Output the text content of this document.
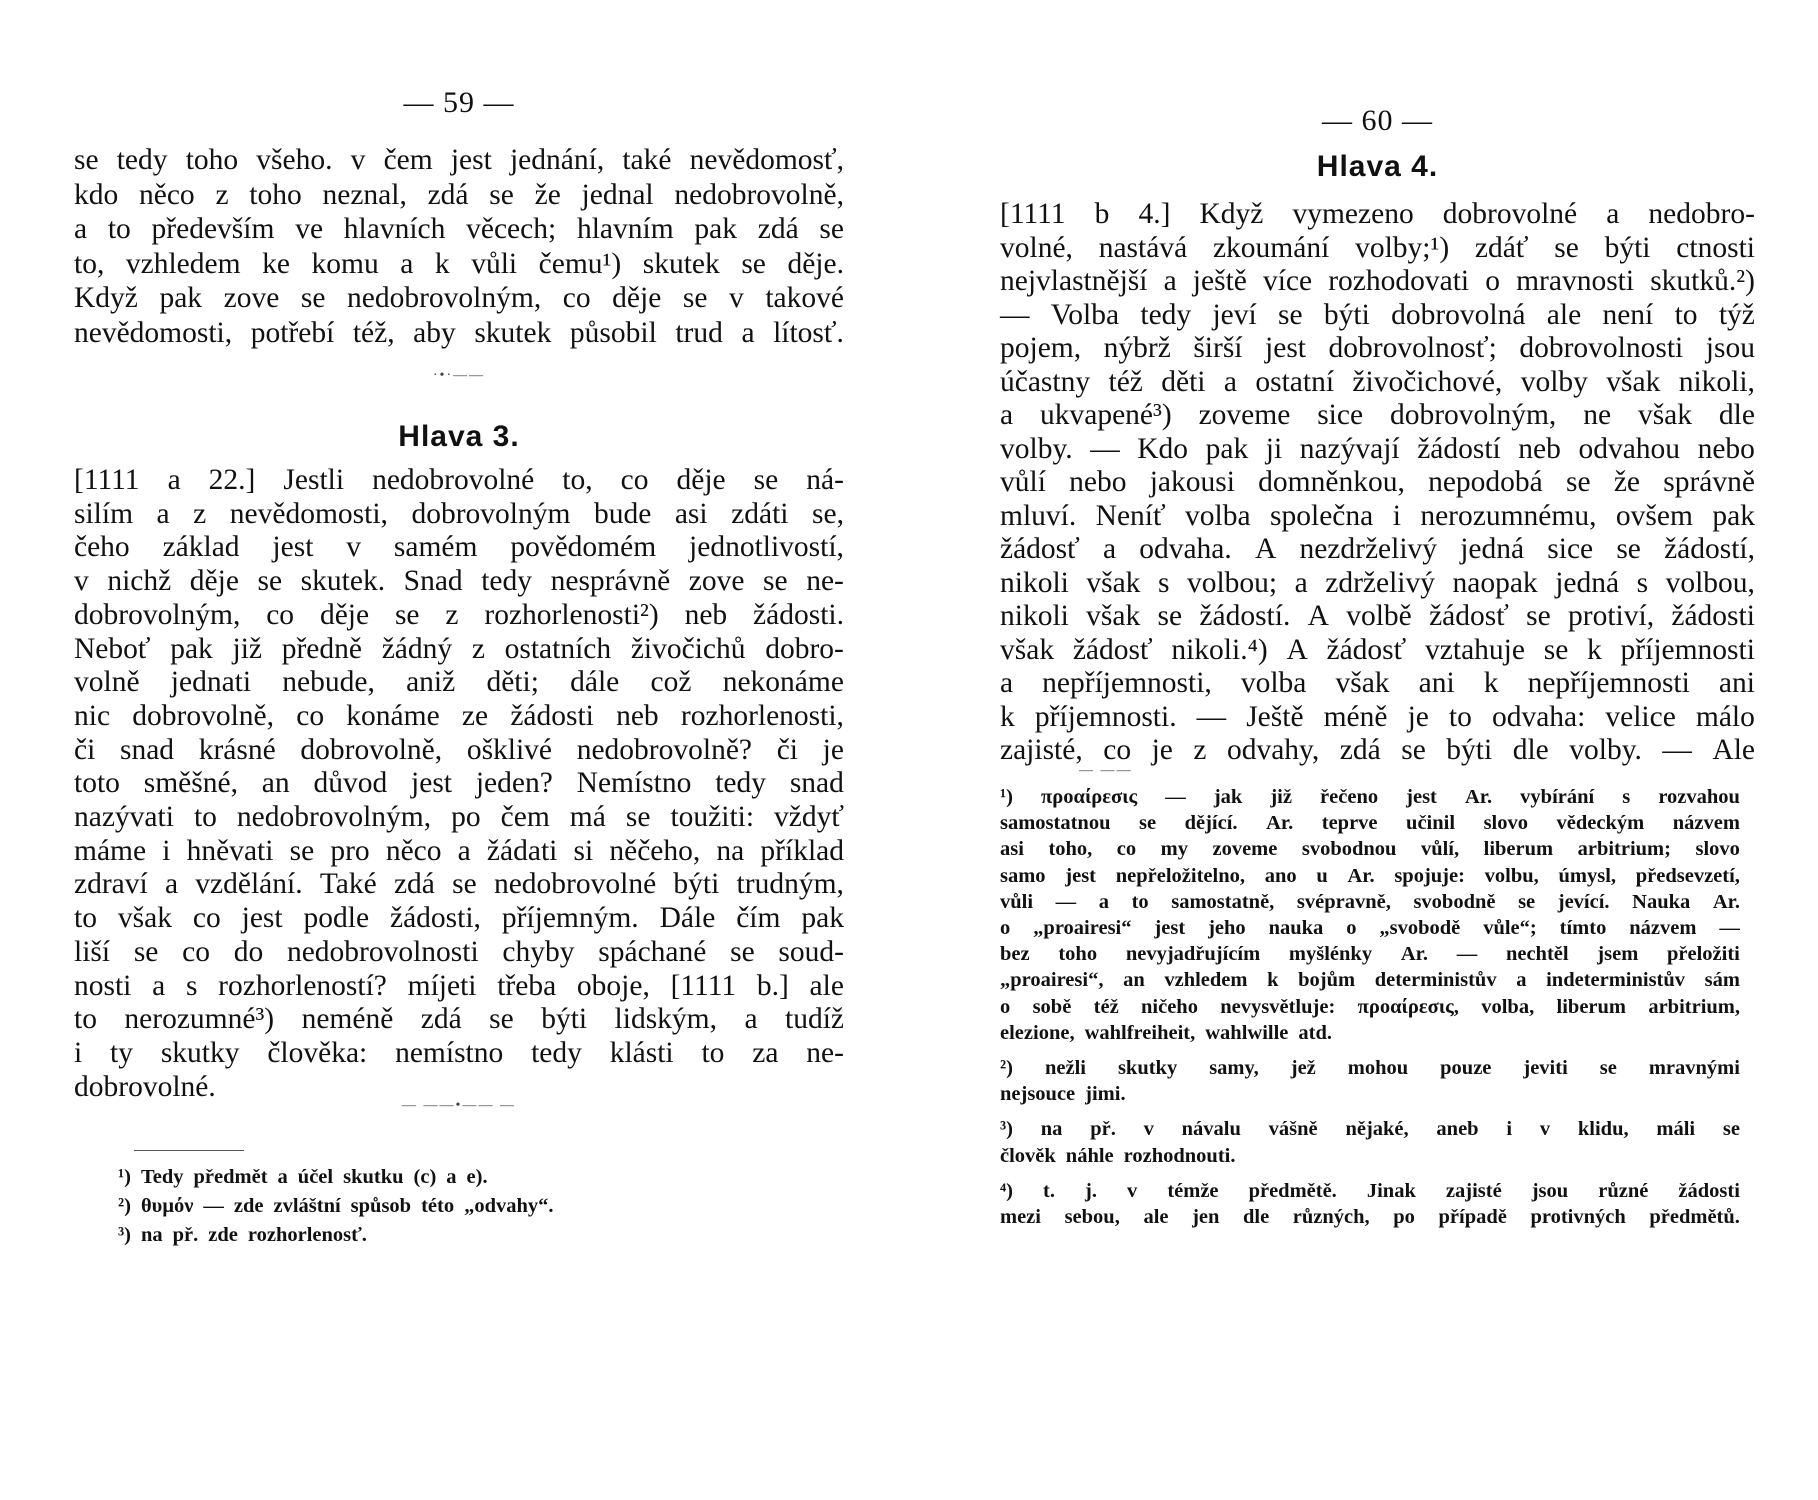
— 59 —
se tedy toho všeho. v čem jest jednání, také nevědomosť,
kdo něco z toho neznal, zdá se že jednal nedobrovolně,
a to především ve hlavních věcech; hlavním pak zdá se
to, vzhledem ke komu a k vůli čemu¹) skutek se děje.
Když pak zove se nedobrovolným, co děje se v takové
nevědomosti, potřebí též, aby skutek působil trud a lítosť.
·•·——
Hlava 3.
[1111 a 22.] Jestli nedobrovolné to, co děje se ná-
silím a z nevědomosti, dobrovolným bude asi zdáti se,
čeho základ jest v samém povědomém jednotlivostí,
v nichž děje se skutek. Snad tedy nesprávně zove se ne-
dobrovolným, co děje se z rozhorlenosti²) neb žádosti.
Neboť pak již předně žádný z ostatních živočichů dobro-
volně jednati nebude, aniž děti; dále což nekonáme
nic dobrovolně, co konáme ze žádosti neb rozhorlenosti,
či snad krásné dobrovolně, ošklivé nedobrovolně? či je
toto směšné, an důvod jest jeden? Nemístno tedy snad
nazývati to nedobrovolným, po čem má se toužiti: vždyť
máme i hněvati se pro něco a žádati si něčeho, na příklad
zdraví a vzdělání. Také zdá se nedobrovolné býti trudným,
to však co jest podle žádosti, příjemným. Dále čím pak
liší se co do nedobrovolnosti chyby spáchané se soud-
nosti a s rozhorleností? míjeti třeba oboje, [1111 b.] ale
to nerozumné³) neméně zdá se býti lidským, a tudíž
i ty skutky člověka: nemístno tedy klásti to za ne-
dobrovolné.
— ——•—— —
¹) Tedy předmět a účel skutku (c) a e).
²) θυμόν — zde zvláštní spůsob této „odvahy“.
³) na př. zde rozhorlenosť.
— 60 —
Hlava 4.
[1111 b 4.] Když vymezeno dobrovolné a nedobro-
volné, nastává zkoumání volby;¹) zdáť se býti ctnosti
nejvlastnější a ještě více rozhodovati o mravnosti skutků.²)
— Volba tedy jeví se býti dobrovolná ale není to týž
pojem, nýbrž širší jest dobrovolnosť; dobrovolnosti jsou
účastny též děti a ostatní živočichové, volby však nikoli,
a ukvapené³) zoveme sice dobrovolným, ne však dle
volby. — Kdo pak ji nazývají žádostí neb odvahou nebo
vůlí nebo jakousi domněnkou, nepodobá se že správně
mluví. Neníť volba společna i nerozumnému, ovšem pak
žádosť a odvaha. A nezdrželivý jedná sice se žádostí,
nikoli však s volbou; a zdrželivý naopak jedná s volbou,
nikoli však se žádostí. A volbě žádosť se protiví, žádosti
však žádosť nikoli.⁴) A žádosť vztahuje se k příjemnosti
a nepříjemnosti, volba však ani k nepříjemnosti ani
k příjemnosti. — Ještě méně je to odvaha: velice málo
zajisté, co je z odvahy, zdá se býti dle volby. — Ale
— ——
¹) προαίρεσις — jak již řečeno jest Ar. vybírání s rozvahou
samostatnou se dějící. Ar. teprve učinil slovo vědeckým názvem
asi toho, co my zoveme svobodnou vůlí, liberum arbitrium; slovo
samo jest nepřeložitelno, ano u Ar. spojuje: volbu, úmysl, předsevzetí,
vůli — a to samostatně, svépravně, svobodně se jevící. Nauka Ar.
o „proairesi“ jest jeho nauka o „svobodě vůle“; tímto názvem —
bez toho nevyjadřujícím myšlénky Ar. — nechtěl jsem přeložiti
„proairesi“, an vzhledem k bojům deterministův a indeterministův sám
o sobě též ničeho nevysvětluje: προαίρεσις, volba, liberum arbitrium,
elezione, wahlfreiheit, wahlwille atd.
²) nežli skutky samy, jež mohou pouze jeviti se mravnými
nejsouce jimi.
³) na př. v návalu vášně nějaké, aneb i v klidu, máli se
člověk náhle rozhodnouti.
⁴) t. j. v témže předmětě. Jinak zajisté jsou různé žádosti
mezi sebou, ale jen dle různých, po případě protivných předmětů.
